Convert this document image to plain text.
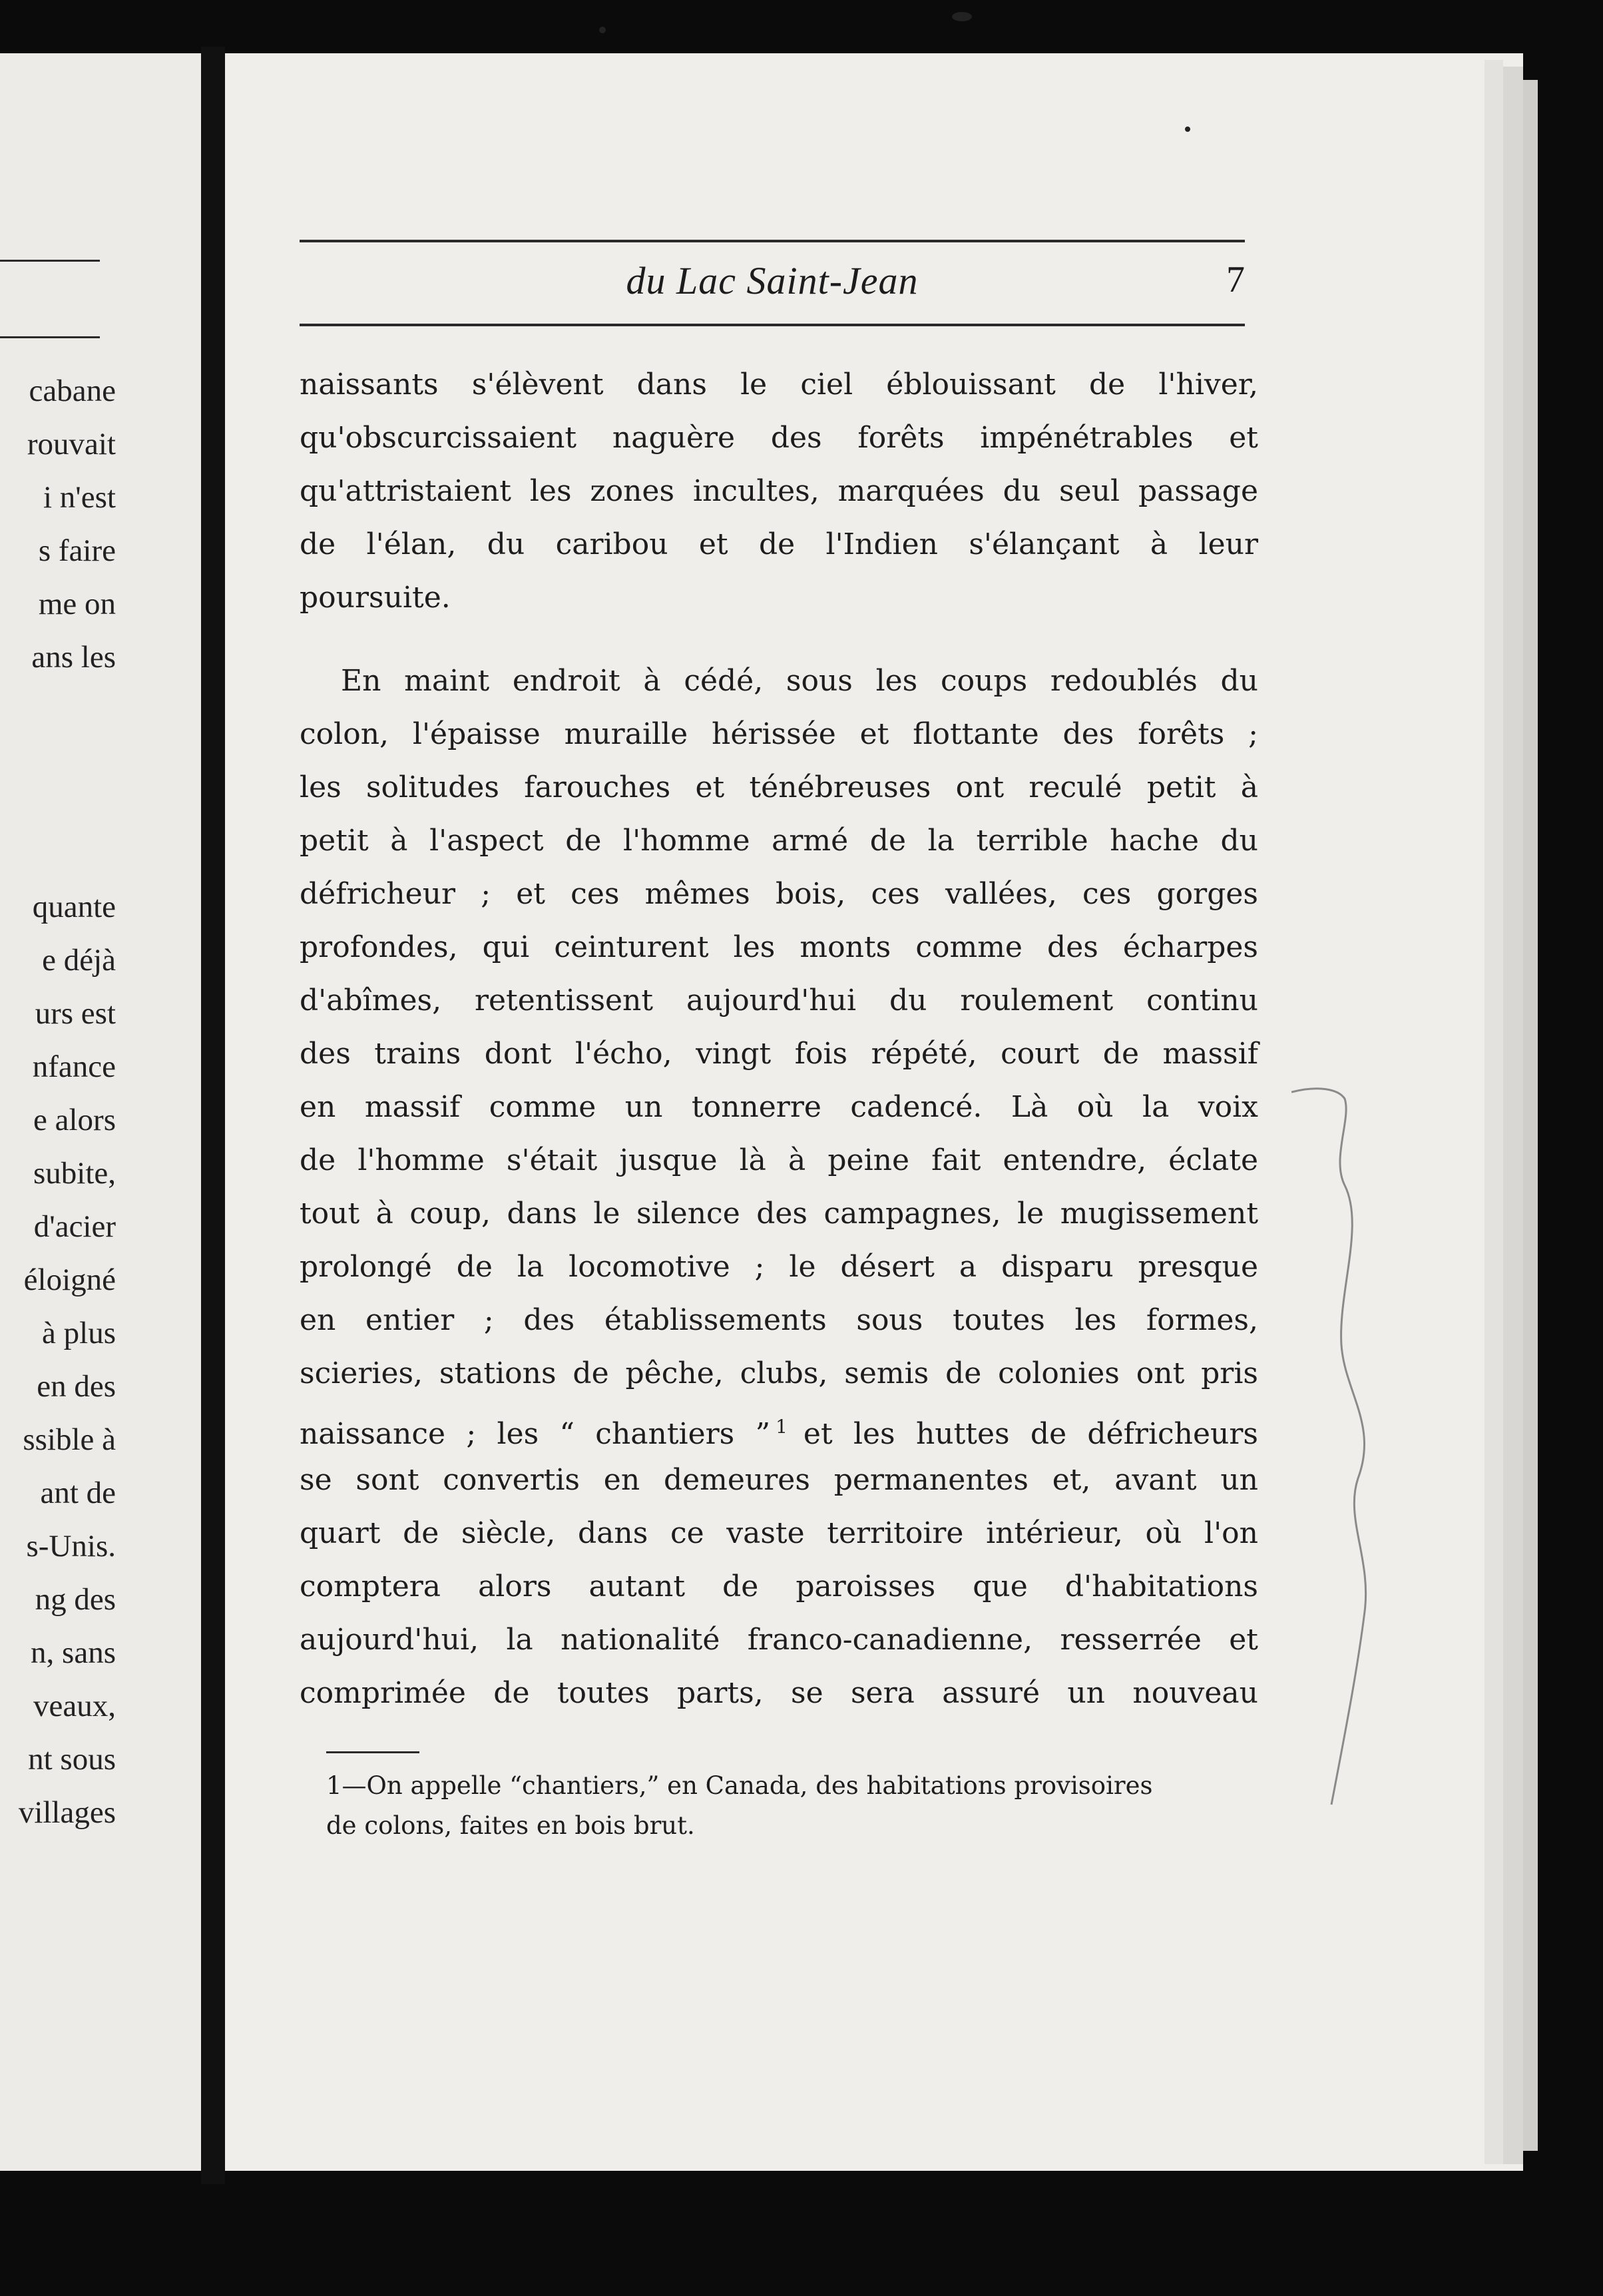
cabane
rouvait
i n'est
s faire
me on
ans les
quante
e déjà
urs est
nfance
e alors
subite,
d'acier
éloigné
à plus
en des
ssible à
ant de
s-Unis.
ng des
n, sans
veaux,
nt sous
villages
du Lac Saint-Jean	7
naissants s'élèvent dans le ciel éblouissant de l'hiver,
qu'obscurcissaient naguère des forêts impénétrables et
qu'attristaient les zones incultes, marquées du seul passage
de l'élan, du caribou et de l'Indien s'élançant à leur
poursuite.
En maint endroit à cédé, sous les coups redoublés du
colon, l'épaisse muraille hérissée et flottante des forêts ;
les solitudes farouches et ténébreuses ont reculé petit à
petit à l'aspect de l'homme armé de la terrible hache du
défricheur ; et ces mêmes bois, ces vallées, ces gorges
profondes, qui ceinturent les monts comme des écharpes
d'abîmes, retentissent aujourd'hui du roulement continu
des trains dont l'écho, vingt fois répété, court de massif
en massif comme un tonnerre cadencé. Là où la voix
de l'homme s'était jusque là à peine fait entendre, éclate
tout à coup, dans le silence des campagnes, le mugissement
prolongé de la locomotive ; le désert a disparu presque
en entier ; des établissements sous toutes les formes,
scieries, stations de pêche, clubs, semis de colonies ont pris
naissance ; les “ chantiers ” $^1$ et les huttes de défricheurs
se sont convertis en demeures permanentes et, avant un
quart de siècle, dans ce vaste territoire intérieur, où l'on
comptera alors autant de paroisses que d'habitations
aujourd'hui, la nationalité franco-canadienne, resserrée et
comprimée de toutes parts, se sera assuré un nouveau
1—On appelle “chantiers,” en Canada, des habitations provisoires
de colons, faites en bois brut.
